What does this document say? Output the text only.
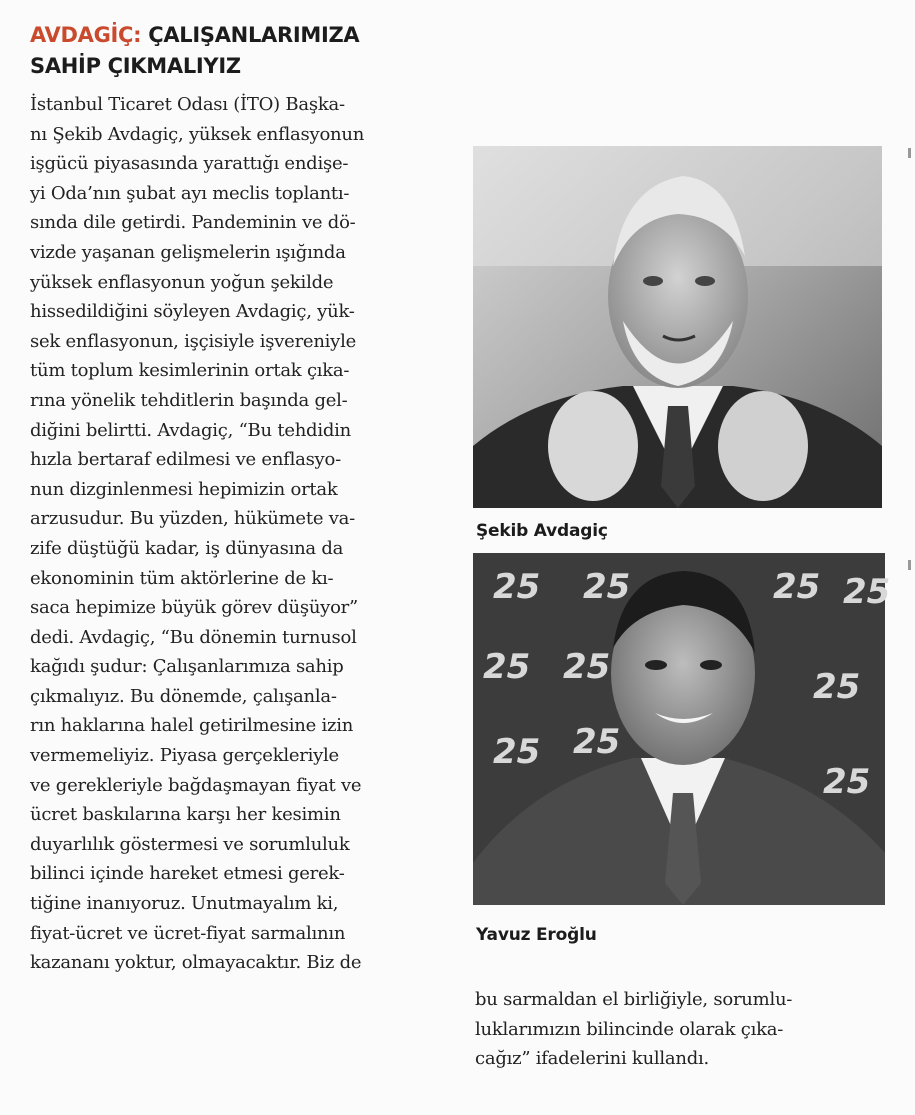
AVDAGİÇ: ÇALIŞANLARIMIZA
SAHİP ÇIKMALIYIZ
İstanbul Ticaret Odası (İTO) Başka-
nı Şekib Avdagiç, yüksek enflasyonun
işgücü piyasasında yarattığı endişe-
yi Oda’nın şubat ayı meclis toplantı-
sında dile getirdi. Pandeminin ve dö-
vizde yaşanan gelişmelerin ışığında
yüksek enflasyonun yoğun şekilde
hissedildiğini söyleyen Avdagiç, yük-
sek enflasyonun, işçisiyle işvereniyle
tüm toplum kesimlerinin ortak çıka-
rına yönelik tehditlerin başında gel-
diğini belirtti. Avdagiç, “Bu tehdidin
hızla bertaraf edilmesi ve enflasyo-
nun dizginlenmesi hepimizin ortak
arzusudur. Bu yüzden, hükümete va-
zife düştüğü kadar, iş dünyasına da
ekonominin tüm aktörlerine de kı-
saca hepimize büyük görev düşüyor”
dedi. Avdagiç, “Bu dönemin turnusol
kağıdı şudur: Çalışanlarımıza sahip
çıkmalıyız. Bu dönemde, çalışanla-
rın haklarına halel getirilmesine izin
vermemeliyiz. Piyasa gerçekleriyle
ve gerekleriyle bağdaşmayan fiyat ve
ücret baskılarına karşı her kesimin
duyarlılık göstermesi ve sorumluluk
bilinci içinde hareket etmesi gerek-
tiğine inanıyoruz. Unutmayalım ki,
fiyat-ücret ve ücret-fiyat sarmalının
kazananı yoktur, olmayacaktır. Biz de
Şekib Avdagiç
25 25	25 25
25 25
25 25
25
25
Yavuz Eroğlu
bu sarmaldan el birliğiyle, sorumlu-
luklarımızın bilincinde olarak çıka-
cağız” ifadelerini kullandı.
